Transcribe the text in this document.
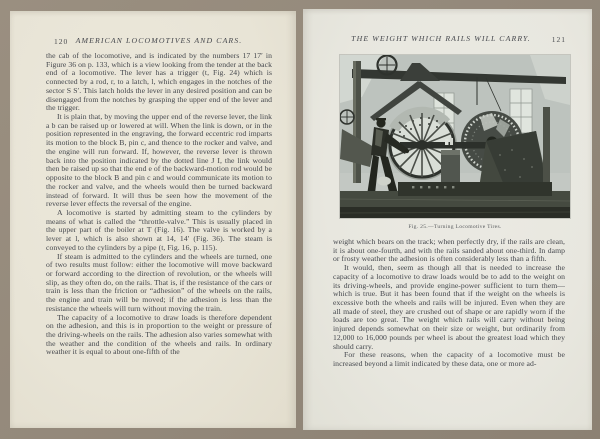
120 AMERICAN LOCOMOTIVES AND CARS.

the cab of the locomotive, and is indicated by the numbers 17 17′ in Figure 36 on p. 133, which is a view looking from the tender at the back end of a locomotive. The lever has a trigger (t, Fig. 24) which is connected by a rod, r, to a latch, l, which engages in the notches of the sector S S′. This latch holds the lever in any desired position and can be disengaged from the notches by grasping the upper end of the lever and the trigger.

It is plain that, by moving the upper end of the reverse lever, the link a b can be raised up or lowered at will. When the link is down, or in the position represented in the engraving, the forward eccentric rod imparts its motion to the block B, pin c, and thence to the rocker and valve, and the engine will run forward. If, however, the reverse lever is thrown back into the position indicated by the dotted line J I, the link would then be raised up so that the end e of the backward-motion rod would be opposite to the block B and pin c and would communicate its motion to the rocker and valve, and the wheels would then be turned backward instead of forward. It will thus be seen how the movement of the reverse lever effects the reversal of the engine.

A locomotive is started by admitting steam to the cylinders by means of what is called the “throttle-valve.” This is usually placed in the upper part of the boiler at T (Fig. 16). The valve is worked by a lever at l, which is also shown at 14, 14′ (Fig. 36). The steam is conveyed to the cylinders by a pipe (t, Fig. 16, p. 115).

If steam is admitted to the cylinders and the wheels are turned, one of two results must follow: either the locomotive will move backward or forward according to the direction of revolution, or the wheels will slip, as they often do, on the rails. That is, if the resistance of the cars or train is less than the friction or “adhesion” of the wheels on the rails, the engine and train will be moved; if the adhesion is less than the resistance the wheels will turn without moving the train.

The capacity of a locomotive to draw loads is therefore dependent on the adhesion, and this is in proportion to the weight or pressure of the driving-wheels on the rails. The adhesion also varies somewhat with the weather and the condition of the wheels and rails. In ordinary weather it is equal to about one-fifth of the

THE WEIGHT WHICH RAILS WILL CARRY.	121
Fig. 25.—Turning Locomotive Tires.

weight which bears on the track; when perfectly dry, if the rails are clean, it is about one-fourth, and with the rails sanded about one-third. In damp or frosty weather the adhesion is often considerably less than a fifth.

It would, then, seem as though all that is needed to increase the capacity of a locomotive to draw loads would be to add to the weight on its driving-wheels, and provide engine-power sufficient to turn them—which is true. But it has been found that if the weight on the wheels is excessive both the wheels and rails will be injured. Even when they are all made of steel, they are crushed out of shape or are rapidly worn if the loads are too great. The weight which rails will carry without being injured depends somewhat on their size or weight, but ordinarily from 12,000 to 16,000 pounds per wheel is about the greatest load which they should carry.

For these reasons, when the capacity of a locomotive must be increased beyond a limit indicated by these data, one or more ad-
